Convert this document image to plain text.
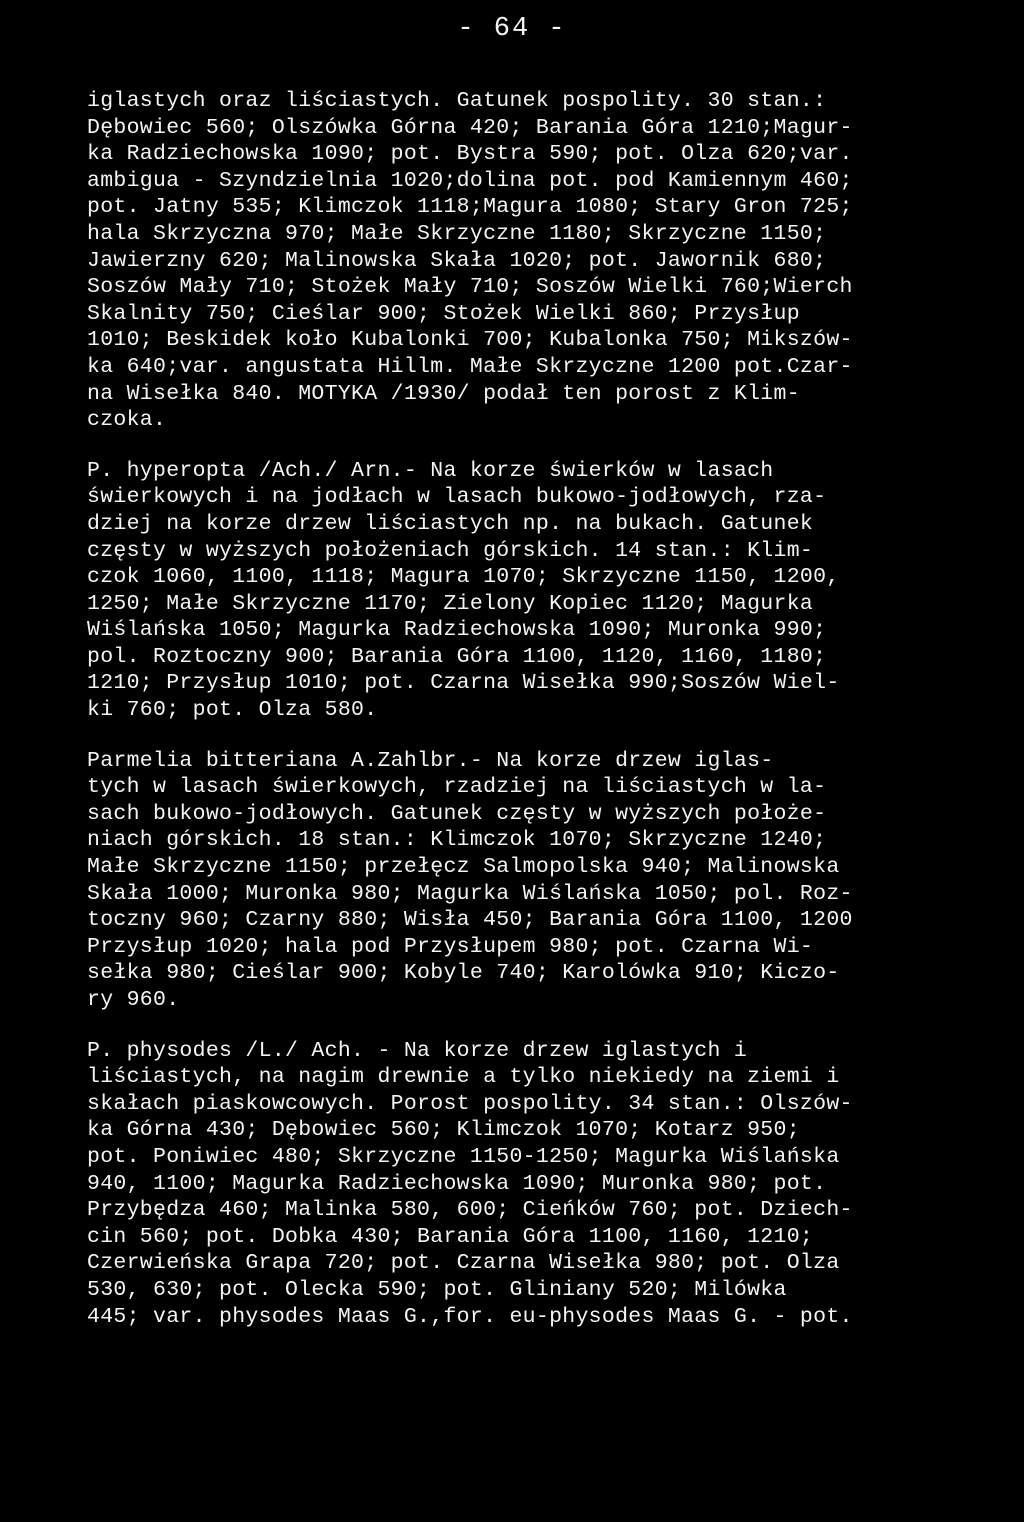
- 64 -
iglastych oraz liściastych. Gatunek pospolity. 30 stan.:
Dębowiec 560; Olszówka Górna 420; Barania Góra 1210;Magur-
ka Radziechowska 1090; pot. Bystra 590; pot. Olza 620;var.
ambigua - Szyndzielnia 1020;dolina pot. pod Kamiennym 460;
pot. Jatny 535; Klimczok 1118;Magura 1080; Stary Gron 725;
hala Skrzyczna 970; Małe Skrzyczne 1180; Skrzyczne 1150;
Jawierzny 620; Malinowska Skała 1020; pot. Jawornik 680;
Soszów Mały 710; Stożek Mały 710; Soszów Wielki 760;Wierch
Skalnity 750; Cieślar 900; Stożek Wielki 860; Przysłup
1010; Beskidek koło Kubalonki 700; Kubalonka 750; Mikszów-
ka 640;var. angustata Hillm. Małe Skrzyczne 1200 pot.Czar-
na Wisełka 840. MOTYKA /1930/ podał ten porost z Klim-
czoka.
P. hyperopta /Ach./ Arn.- Na korze świerków w lasach
świerkowych i na jodłach w lasach bukowo-jodłowych, rza-
dziej na korze drzew liściastych np. na bukach. Gatunek
częsty w wyższych położeniach górskich. 14 stan.: Klim-
czok 1060, 1100, 1118; Magura 1070; Skrzyczne 1150, 1200,
1250; Małe Skrzyczne 1170; Zielony Kopiec 1120; Magurka
Wiślańska 1050; Magurka Radziechowska 1090; Muronka 990;
pol. Roztoczny 900; Barania Góra 1100, 1120, 1160, 1180;
1210; Przysłup 1010; pot. Czarna Wisełka 990;Soszów Wiel-
ki 760; pot. Olza 580.
Parmelia bitteriana A.Zahlbr.- Na korze drzew iglas-
tych w lasach świerkowych, rzadziej na liściastych w la-
sach bukowo-jodłowych. Gatunek częsty w wyższych położe-
niach górskich. 18 stan.: Klimczok 1070; Skrzyczne 1240;
Małe Skrzyczne 1150; przełęcz Salmopolska 940; Malinowska
Skała 1000; Muronka 980; Magurka Wiślańska 1050; pol. Roz-
toczny 960; Czarny 880; Wisła 450; Barania Góra 1100, 1200
Przysłup 1020; hala pod Przysłupem 980; pot. Czarna Wi-
sełka 980; Cieślar 900; Kobyle 740; Karolówka 910; Kiczo-
ry 960.
P. physodes /L./ Ach. - Na korze drzew iglastych i
liściastych, na nagim drewnie a tylko niekiedy na ziemi i
skałach piaskowcowych. Porost pospolity. 34 stan.: Olszów-
ka Górna 430; Dębowiec 560; Klimczok 1070; Kotarz 950;
pot. Poniwiec 480; Skrzyczne 1150-1250; Magurka Wiślańska
940, 1100; Magurka Radziechowska 1090; Muronka 980; pot.
Przybędza 460; Malinka 580, 600; Cieńków 760; pot. Dziech-
cin 560; pot. Dobka 430; Barania Góra 1100, 1160, 1210;
Czerwieńska Grapa 720; pot. Czarna Wisełka 980; pot. Olza
530, 630; pot. Olecka 590; pot. Gliniany 520; Milówka
445; var. physodes Maas G.,for. eu-physodes Maas G. - pot.
